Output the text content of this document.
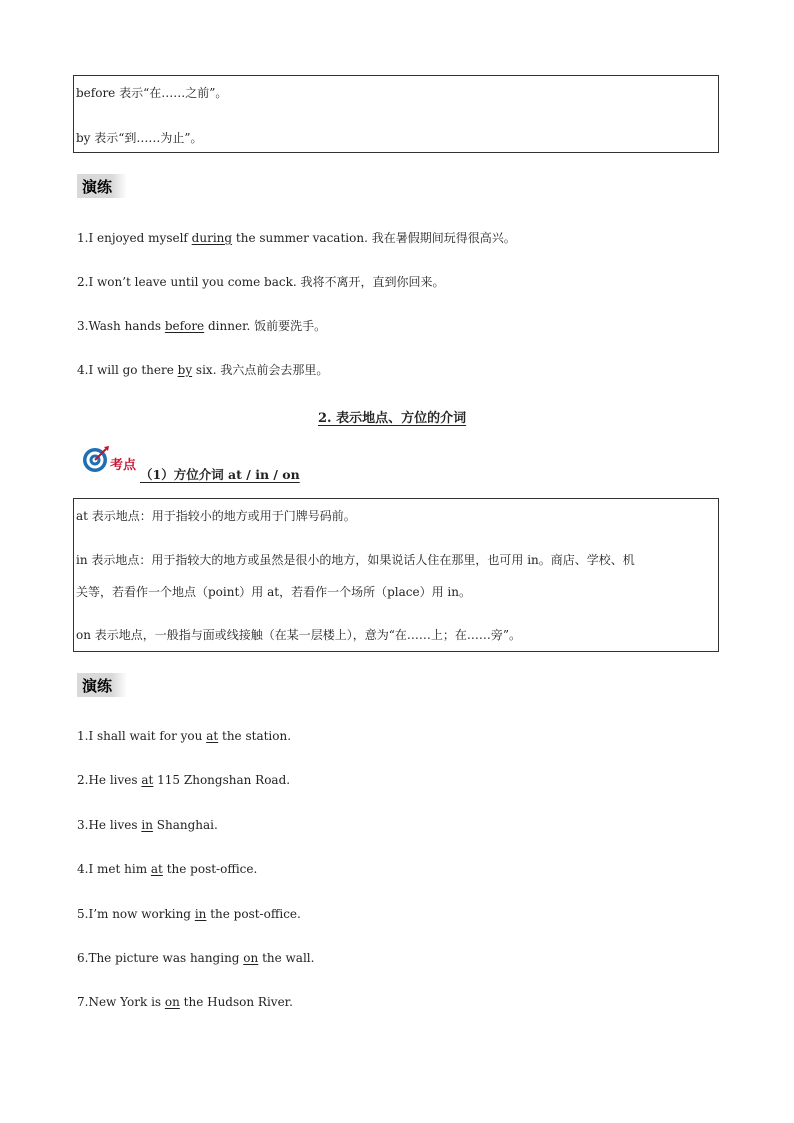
before 表示“在……之前”。

by 表示“到……为止”。

演练

1.I enjoyed myself during the summer vacation. 我在暑假期间玩得很高兴。

2.I won’t leave until you come back. 我将不离开，直到你回来。

3.Wash hands before dinner. 饭前要洗手。

4.I will go there by six. 我六点前会去那里。

2. 表示地点、方位的介词
考点
（1）方位介词 at / in / on

at 表示地点：用于指较小的地方或用于门牌号码前。

in 表示地点：用于指较大的地方或虽然是很小的地方，如果说话人住在那里，也可用 in。商店、学校、机

关等，若看作一个地点（point）用 at，若看作一个场所（place）用 in。

on 表示地点，一般指与面或线接触（在某一层楼上），意为“在……上；在……旁”。

演练

1.I shall wait for you at the station.

2.He lives at 115 Zhongshan Road.

3.He lives in Shanghai.

4.I met him at the post-office.

5.I’m now working in the post-office.

6.The picture was hanging on the wall.

7.New York is on the Hudson River.
